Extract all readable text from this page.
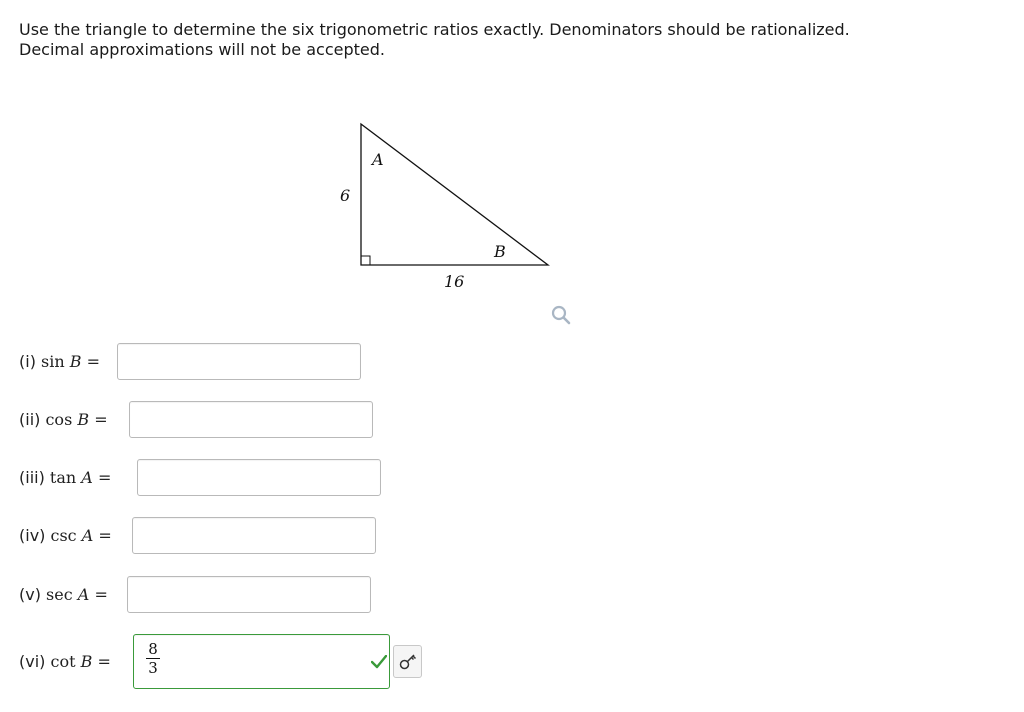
Use the triangle to determine the six trigonometric ratios exactly. Denominators should be rationalized.
Decimal approximations will not be accepted.
A
B
6
16
(i) sin B =
(ii) cos B =
(iii) tan A =
(iv) csc A =
(v) sec A =
(vi) cot B =
8
3
